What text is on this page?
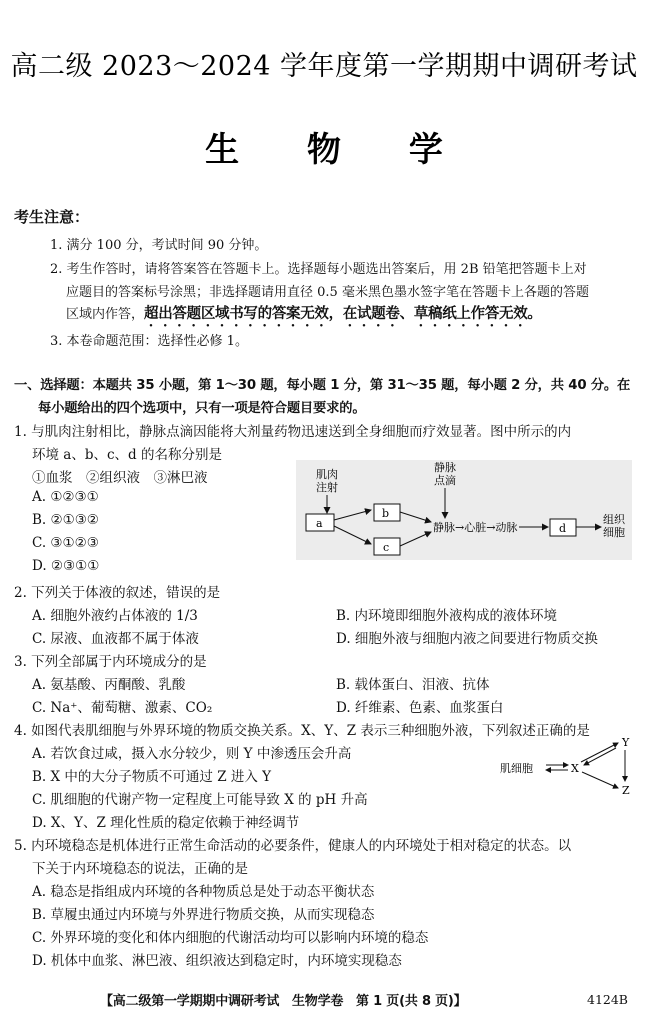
高二级 2023～2024 学年度第一学期期中调研考试
生 物 学
考生注意：
1. 满分 100 分，考试时间 90 分钟。
2. 考生作答时，请将答案答在答题卡上。选择题每小题选出答案后，用 2B 铅笔把答题卡上对
应题目的答案标号涂黑；非选择题请用直径 0.5 毫米黑色墨水签字笔在答题卡上各题的答题
区域内作答，超出答题区域书写的答案无效，在试题卷、草稿纸上作答无效。
3. 本卷命题范围：选择性必修 1。
一、选择题：本题共 35 小题，第 1～30 题，每小题 1 分，第 31～35 题，每小题 2 分，共 40 分。在
每小题给出的四个选项中，只有一项是符合题目要求的。
1. 与肌肉注射相比，静脉点滴因能将大剂量药物迅速送到全身细胞而疗效显著。图中所示的内
环境 a、b、c、d 的名称分别是
①血浆　②组织液　③淋巴液
A. ①②③①
B. ②①③②
C. ③①②③
D. ②③①①
肌肉
注射
a
b
c
静脉
点滴
静脉→心脏→动脉	d
组织
细胞
2. 下列关于体液的叙述，错误的是
A. 细胞外液约占体液的 1/3	B. 内环境即细胞外液构成的液体环境
C. 尿液、血液都不属于体液	D. 细胞外液与细胞内液之间要进行物质交换
3. 下列全部属于内环境成分的是
A. 氨基酸、丙酮酸、乳酸	B. 载体蛋白、泪液、抗体
C. Na⁺、葡萄糖、激素、CO₂	D. 纤维素、色素、血浆蛋白
4. 如图代表肌细胞与外界环境的物质交换关系。X、Y、Z 表示三种细胞外液，下列叙述正确的是
A. 若饮食过咸，摄入水分较少，则 Y 中渗透压会升高
B. X 中的大分子物质不可通过 Z 进入 Y
C. 肌细胞的代谢产物一定程度上可能导致 X 的 pH 升高
D. X、Y、Z 理化性质的稳定依赖于神经调节
肌细胞	X
Y
Z
5. 内环境稳态是机体进行正常生命活动的必要条件，健康人的内环境处于相对稳定的状态。以
下关于内环境稳态的说法，正确的是
A. 稳态是指组成内环境的各种物质总是处于动态平衡状态
B. 草履虫通过内环境与外界进行物质交换，从而实现稳态
C. 外界环境的变化和体内细胞的代谢活动均可以影响内环境的稳态
D. 机体中血浆、淋巴液、组织液达到稳定时，内环境实现稳态
【高二级第一学期期中调研考试　生物学卷　第 1 页(共 8 页)】	4124B
